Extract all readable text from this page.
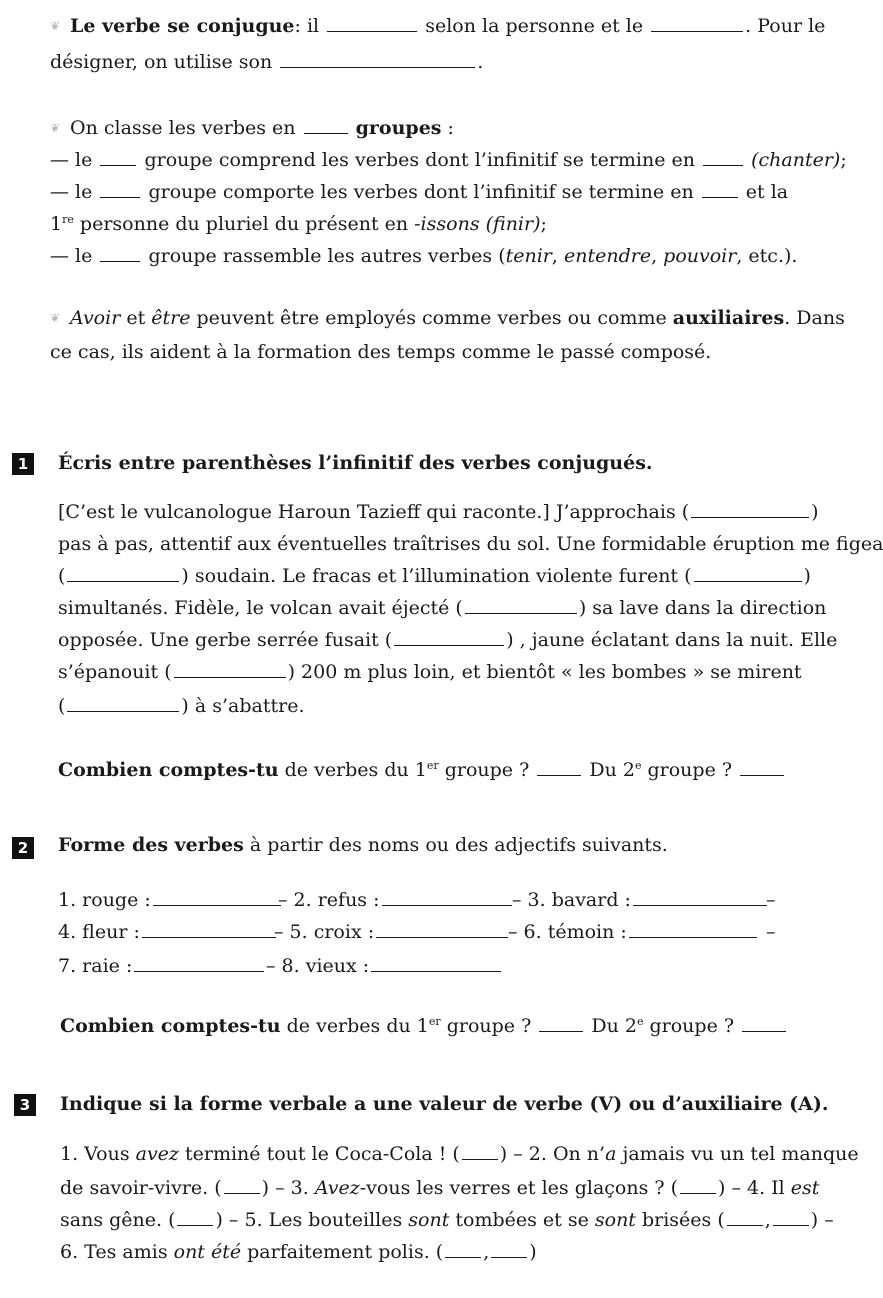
❦ Le verbe se conjugue: il	selon la personne et le	. Pour le
désigner, on utilise son	.
❦ On classe les verbes en	groupes :
— le  groupe comprend les verbes dont l’infinitif se termine en	(chanter);
— le  groupe comporte les verbes dont l’infinitif se termine en  et la
1re personne du pluriel du présent en -issons (finir);
— le  groupe rassemble les autres verbes (tenir, entendre, pouvoir, etc.).
❦ Avoir et être peuvent être employés comme verbes ou comme auxiliaires. Dans
ce cas, ils aident à la formation des temps comme le passé composé.
1	Écris entre parenthèses l’infinitif des verbes conjugués.
[C’est le vulcanologue Haroun Tazieff qui raconte.] J’approchais (	)
pas à pas, attentif aux éventuelles traîtrises du sol. Une formidable éruption me figea
(	) soudain. Le fracas et l’illumination violente furent (	)
simultanés. Fidèle, le volcan avait éjecté (	) sa lave dans la direction
opposée. Une gerbe serrée fusait (	) , jaune éclatant dans la nuit. Elle
s’épanouit (	) 200 m plus loin, et bientôt « les bombes » se mirent
(	) à s’abattre.
Combien comptes-tu de verbes du 1er groupe ?	Du 2e groupe ?
2	Forme des verbes à partir des noms ou des adjectifs suivants.
1. rouge :	– 2. refus :	– 3. bavard :	–
4. fleur :	– 5. croix :	– 6. témoin :	–
7. raie :	– 8. vieux :
Combien comptes-tu de verbes du 1er groupe ?	Du 2e groupe ?
3	Indique si la forme verbale a une valeur de verbe (V) ou d’auxiliaire (A).
1. Vous avez terminé tout le Coca-Cola ! ( ) – 2. On n’a jamais vu un tel manque
de savoir-vivre. ( ) – 3. Avez-vous les verres et les glaçons ? ( ) – 4. Il est
sans gêne. ( ) – 5. Les bouteilles sont tombées et se sont brisées ( , ) –
6. Tes amis ont été parfaitement polis. ( , )
